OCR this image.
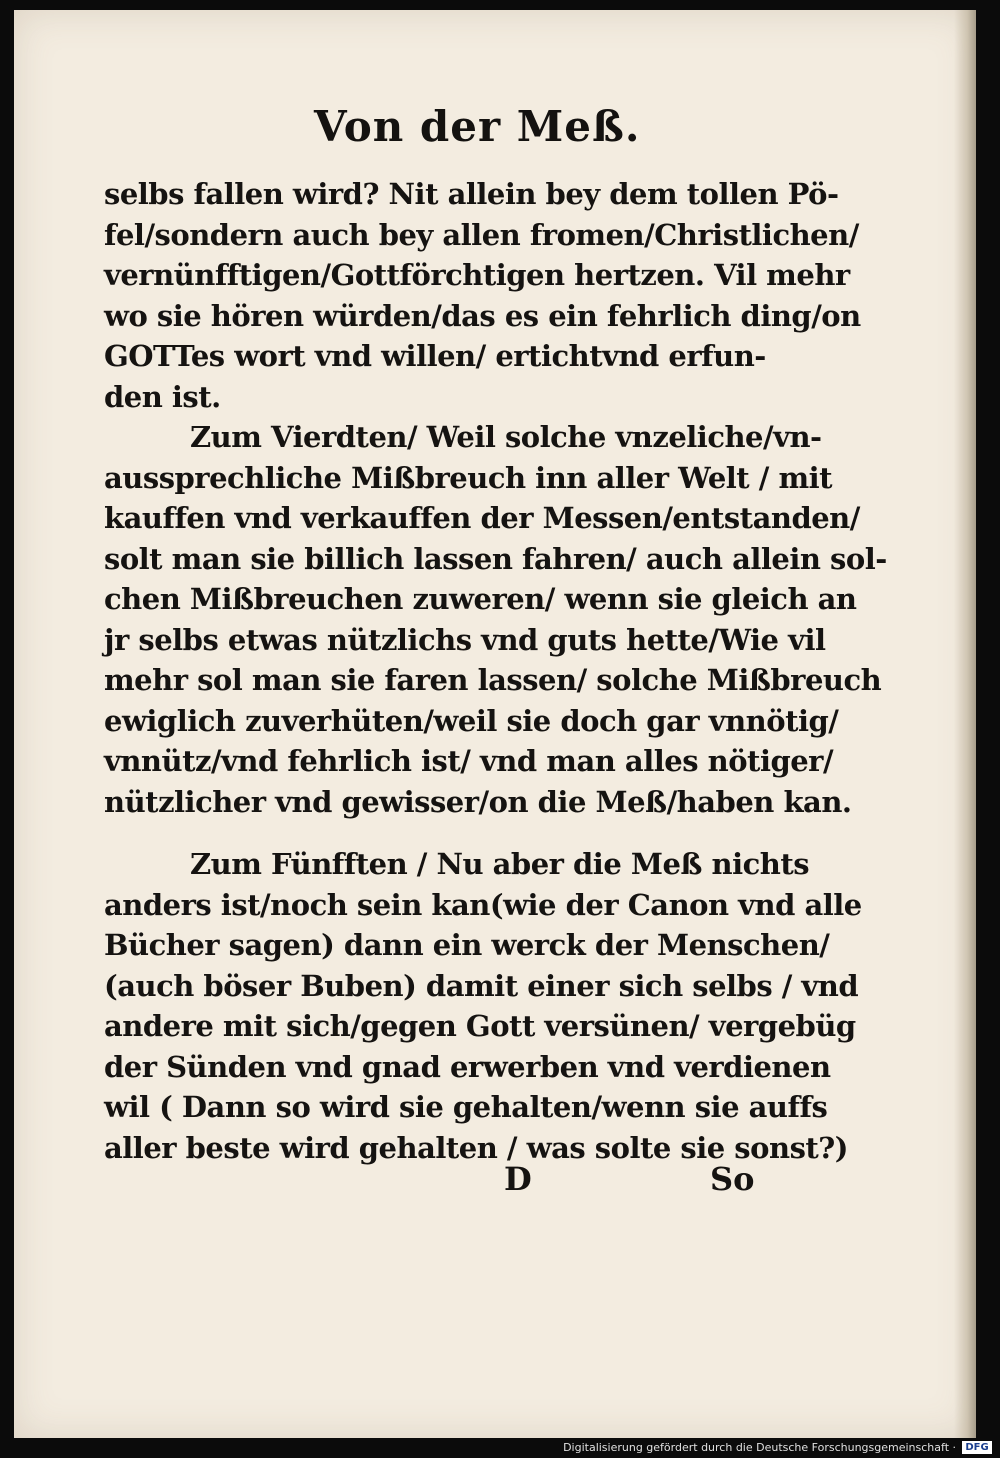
Von der Meß.
selbs fallen wird? Nit allein bey dem tollen Pö-
fel/sondern auch bey allen fromen/Christlichen/
vernünfftigen/Gottförchtigen hertzen. Vil mehr
wo sie hören würden/das es ein fehrlich ding/on
GOTTes wort vnd willen/ ertichtvnd erfun-
den ist.
Zum Vierdten/ Weil solche vnzeliche/vn-
aussprechliche Mißbreuch inn aller Welt / mit
kauffen vnd verkauffen der Messen/entstanden/
solt man sie billich lassen fahren/ auch allein sol-
chen Mißbreuchen zuweren/ wenn sie gleich an
jr selbs etwas nützlichs vnd guts hette/Wie vil
mehr sol man sie faren lassen/ solche Mißbreuch
ewiglich zuverhüten/weil sie doch gar vnnötig/
vnnütz/vnd fehrlich ist/ vnd man alles nötiger/
nützlicher vnd gewisser/on die Meß/haben kan.
Zum Fünfften / Nu aber die Meß nichts
anders ist/noch sein kan(wie der Canon vnd alle
Bücher sagen) dann ein werck der Menschen/
(auch böser Buben) damit einer sich selbs / vnd
andere mit sich/gegen Gott versünen/ vergebüg
der Sünden vnd gnad erwerben vnd verdienen
wil ( Dann so wird sie gehalten/wenn sie auffs
aller beste wird gehalten / was solte sie sonst?)
D	So
Digitalisierung gefördert durch die Deutsche Forschungsgemeinschaft · DFG
